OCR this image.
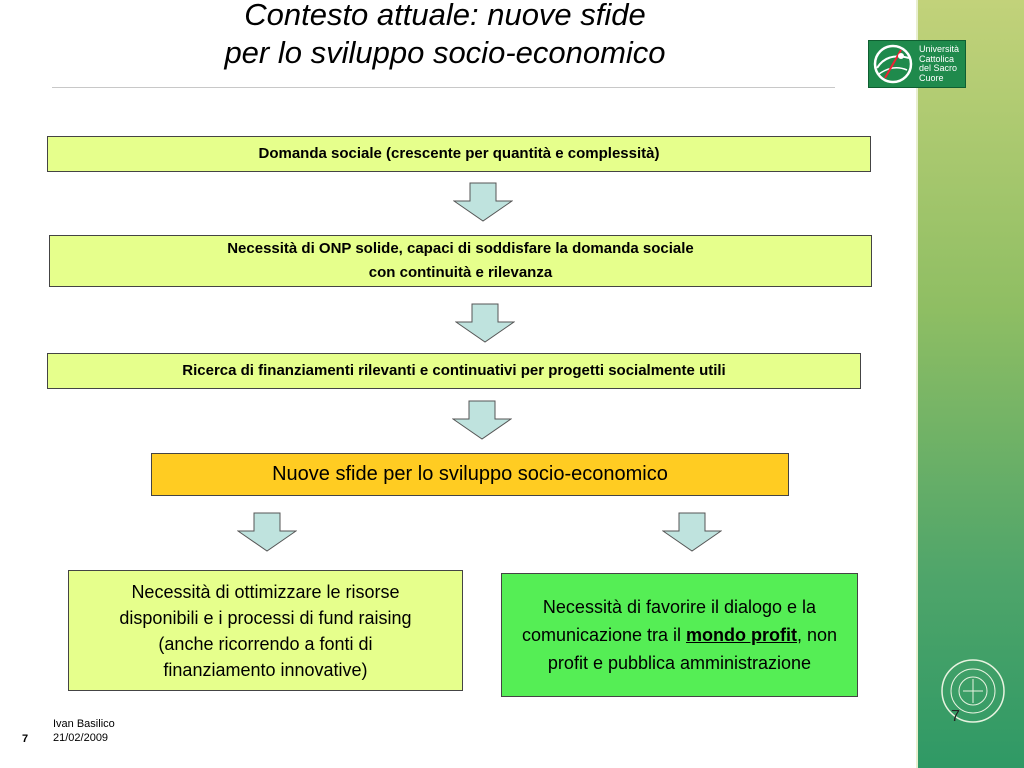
Contesto attuale: nuove sfide
per lo sviluppo socio-economico	Università
Cattolica
del Sacro
Cuore
Domanda sociale (crescente per quantità e complessità)
Necessità di ONP solide, capaci di soddisfare la domanda sociale
con continuità e rilevanza
Ricerca di finanziamenti rilevanti e continuativi per progetti socialmente utili
Nuove sfide per lo sviluppo socio-economico
Necessità di ottimizzare le risorse
disponibili e i processi di fund raising
(anche ricorrendo a fonti di
finanziamento innovative)
Necessità di favorire il dialogo e la comunicazione tra il mondo profit, non profit e pubblica amministrazione
Ivan Basilico
21/02/2009
7
7
